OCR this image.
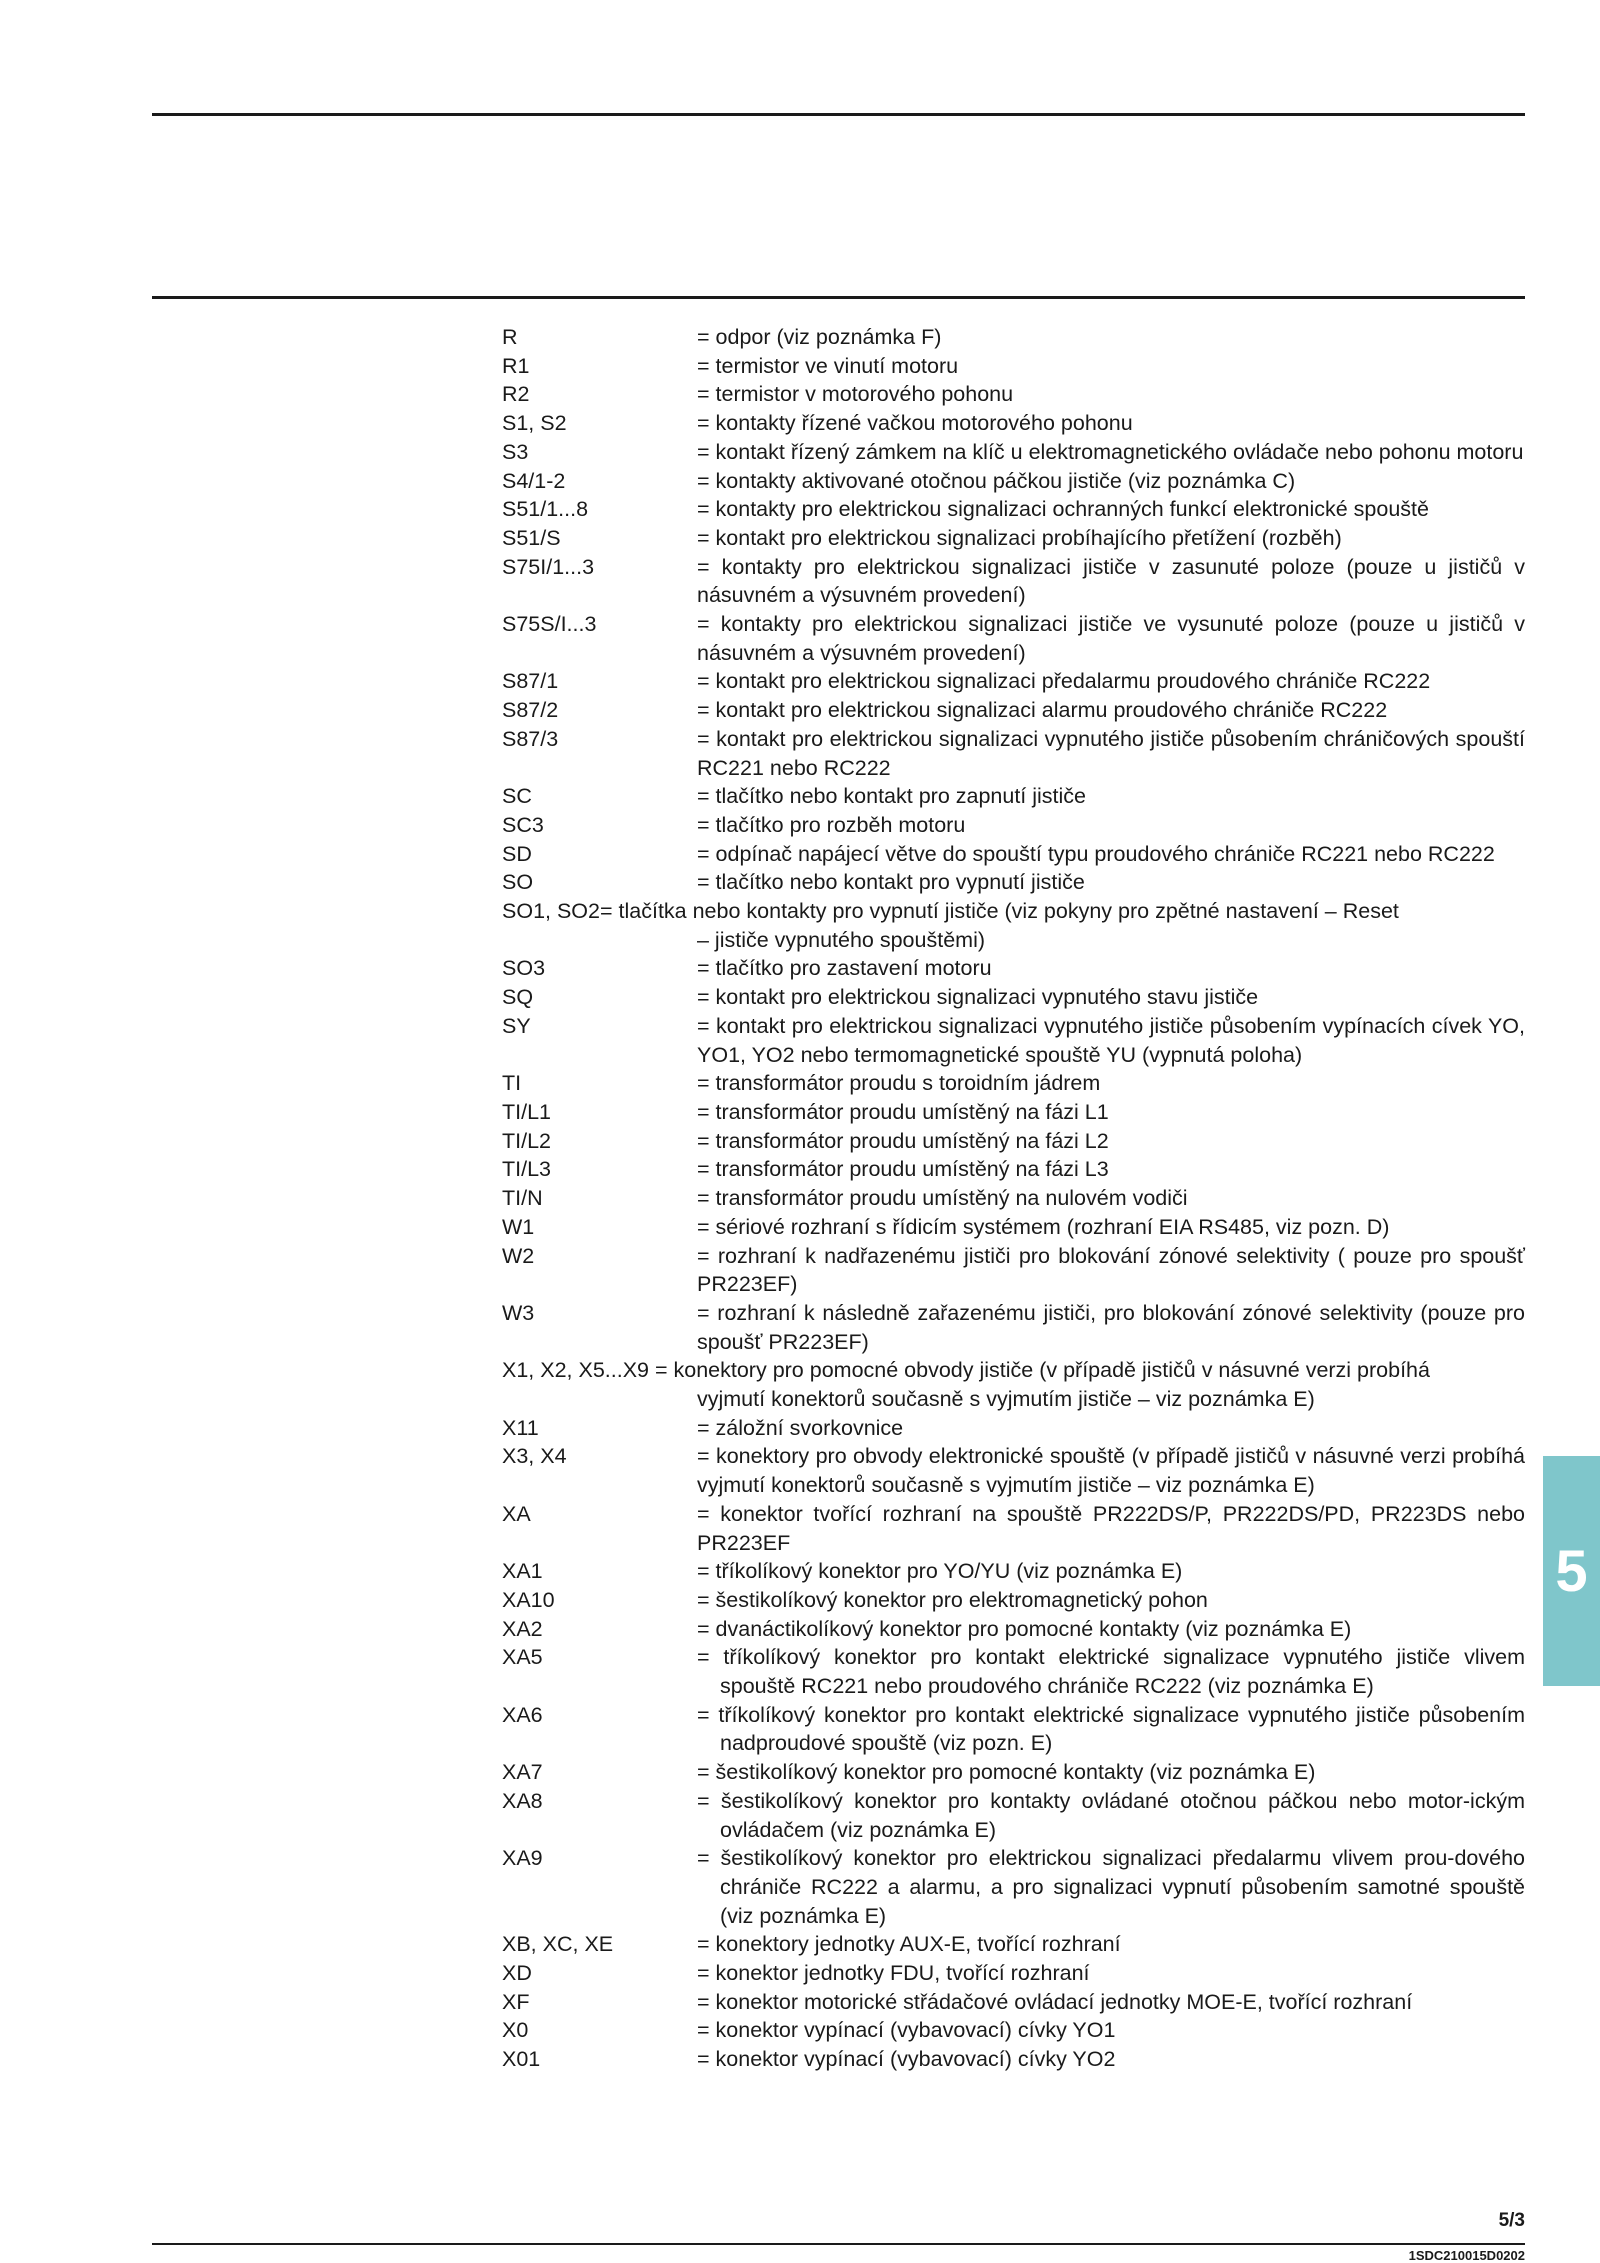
R	= odpor (viz poznámka F)
R1	= termistor ve vinutí motoru
R2	= termistor v motorového pohonu
S1, S2	= kontakty řízené vačkou motorového pohonu
S3	= kontakt řízený zámkem na klíč u elektromagnetického ovládače nebo pohonu motoru
S4/1-2	= kontakty aktivované otočnou páčkou jističe (viz poznámka C)
S51/1...8	= kontakty pro elektrickou signalizaci ochranných funkcí elektronické spouště
S51/S	= kontakt pro elektrickou signalizaci probíhajícího přetížení (rozběh)
S75I/1...3	= kontakty pro elektrickou signalizaci jističe v zasunuté poloze (pouze u jističů v násuvném a výsuvném provedení)
S75S/I...3	= kontakty pro elektrickou signalizaci jističe ve vysunuté poloze (pouze u jističů v násuvném a výsuvném provedení)
S87/1	= kontakt pro elektrickou signalizaci předalarmu proudového chrániče RC222
S87/2	= kontakt pro elektrickou signalizaci alarmu proudového chrániče RC222
S87/3	= kontakt pro elektrickou signalizaci vypnutého jističe působením chráničových spouští RC221 nebo RC222
SC	= tlačítko nebo kontakt pro zapnutí jističe
SC3	= tlačítko pro rozběh motoru
SD	= odpínač napájecí větve do spouští typu proudového chrániče RC221 nebo RC222
SO	= tlačítko nebo kontakt pro vypnutí jističe
SO1, SO2= tlačítka nebo kontakty pro vypnutí jističe (viz pokyny pro zpětné nastavení – Reset
– jističe vypnutého spouštěmi)
SO3	= tlačítko pro zastavení motoru
SQ	= kontakt pro elektrickou signalizaci vypnutého stavu jističe
SY	= kontakt pro elektrickou signalizaci vypnutého jističe působením vypínacích cívek YO, YO1, YO2 nebo termomagnetické spouště YU (vypnutá poloha)
TI	= transformátor proudu s toroidním jádrem
TI/L1	= transformátor proudu umístěný na fázi L1
TI/L2	= transformátor proudu umístěný na fázi L2
TI/L3	= transformátor proudu umístěný na fázi L3
TI/N	= transformátor proudu umístěný na nulovém vodiči
W1	= sériové rozhraní s řídicím systémem (rozhraní EIA RS485, viz pozn. D)
W2	= rozhraní k nadřazenému jističi pro blokování zónové selektivity ( pouze pro spoušť PR223EF)
W3	= rozhraní k následně zařazenému jističi, pro blokování zónové selektivity (pouze pro spoušť PR223EF)
X1, X2, X5...X9 = konektory pro pomocné obvody jističe (v případě jističů v násuvné verzi probíhá
vyjmutí konektorů současně s vyjmutím jističe – viz poznámka E)
X11	= záložní svorkovnice
X3, X4	= konektory pro obvody elektronické spouště (v případě jističů v násuvné verzi probíhá vyjmutí konektorů současně s vyjmutím jističe – viz poznámka E)
XA	= konektor tvořící rozhraní na spouště PR222DS/P, PR222DS/PD, PR223DS nebo PR223EF
XA1	= tříkolíkový konektor pro YO/YU (viz poznámka E)
XA10	= šestikolíkový konektor pro elektromagnetický pohon
XA2	= dvanáctikolíkový konektor pro pomocné kontakty (viz poznámka E)
XA5	= tříkolíkový konektor pro kontakt elektrické signalizace vypnutého jističe vlivem spouště RC221 nebo proudového chrániče RC222 (viz poznámka E)
XA6	= tříkolíkový konektor pro kontakt elektrické signalizace vypnutého jističe působením nadproudové spouště (viz pozn. E)
XA7	= šestikolíkový konektor pro pomocné kontakty (viz poznámka E)
XA8	= šestikolíkový konektor pro kontakty ovládané otočnou páčkou nebo motor-ickým ovládačem (viz poznámka E)
XA9	= šestikolíkový konektor pro elektrickou signalizaci předalarmu vlivem prou-dového chrániče RC222 a alarmu, a pro signalizaci vypnutí působením samotné spouště (viz poznámka E)
XB, XC, XE	= konektory jednotky AUX-E, tvořící rozhraní
XD	= konektor jednotky FDU, tvořící rozhraní
XF	= konektor motorické střádačové ovládací jednotky MOE-E, tvořící rozhraní
X0	= konektor vypínací (vybavovací) cívky YO1
X01	= konektor vypínací (vybavovací) cívky YO2
5
5/3
1SDC210015D0202
